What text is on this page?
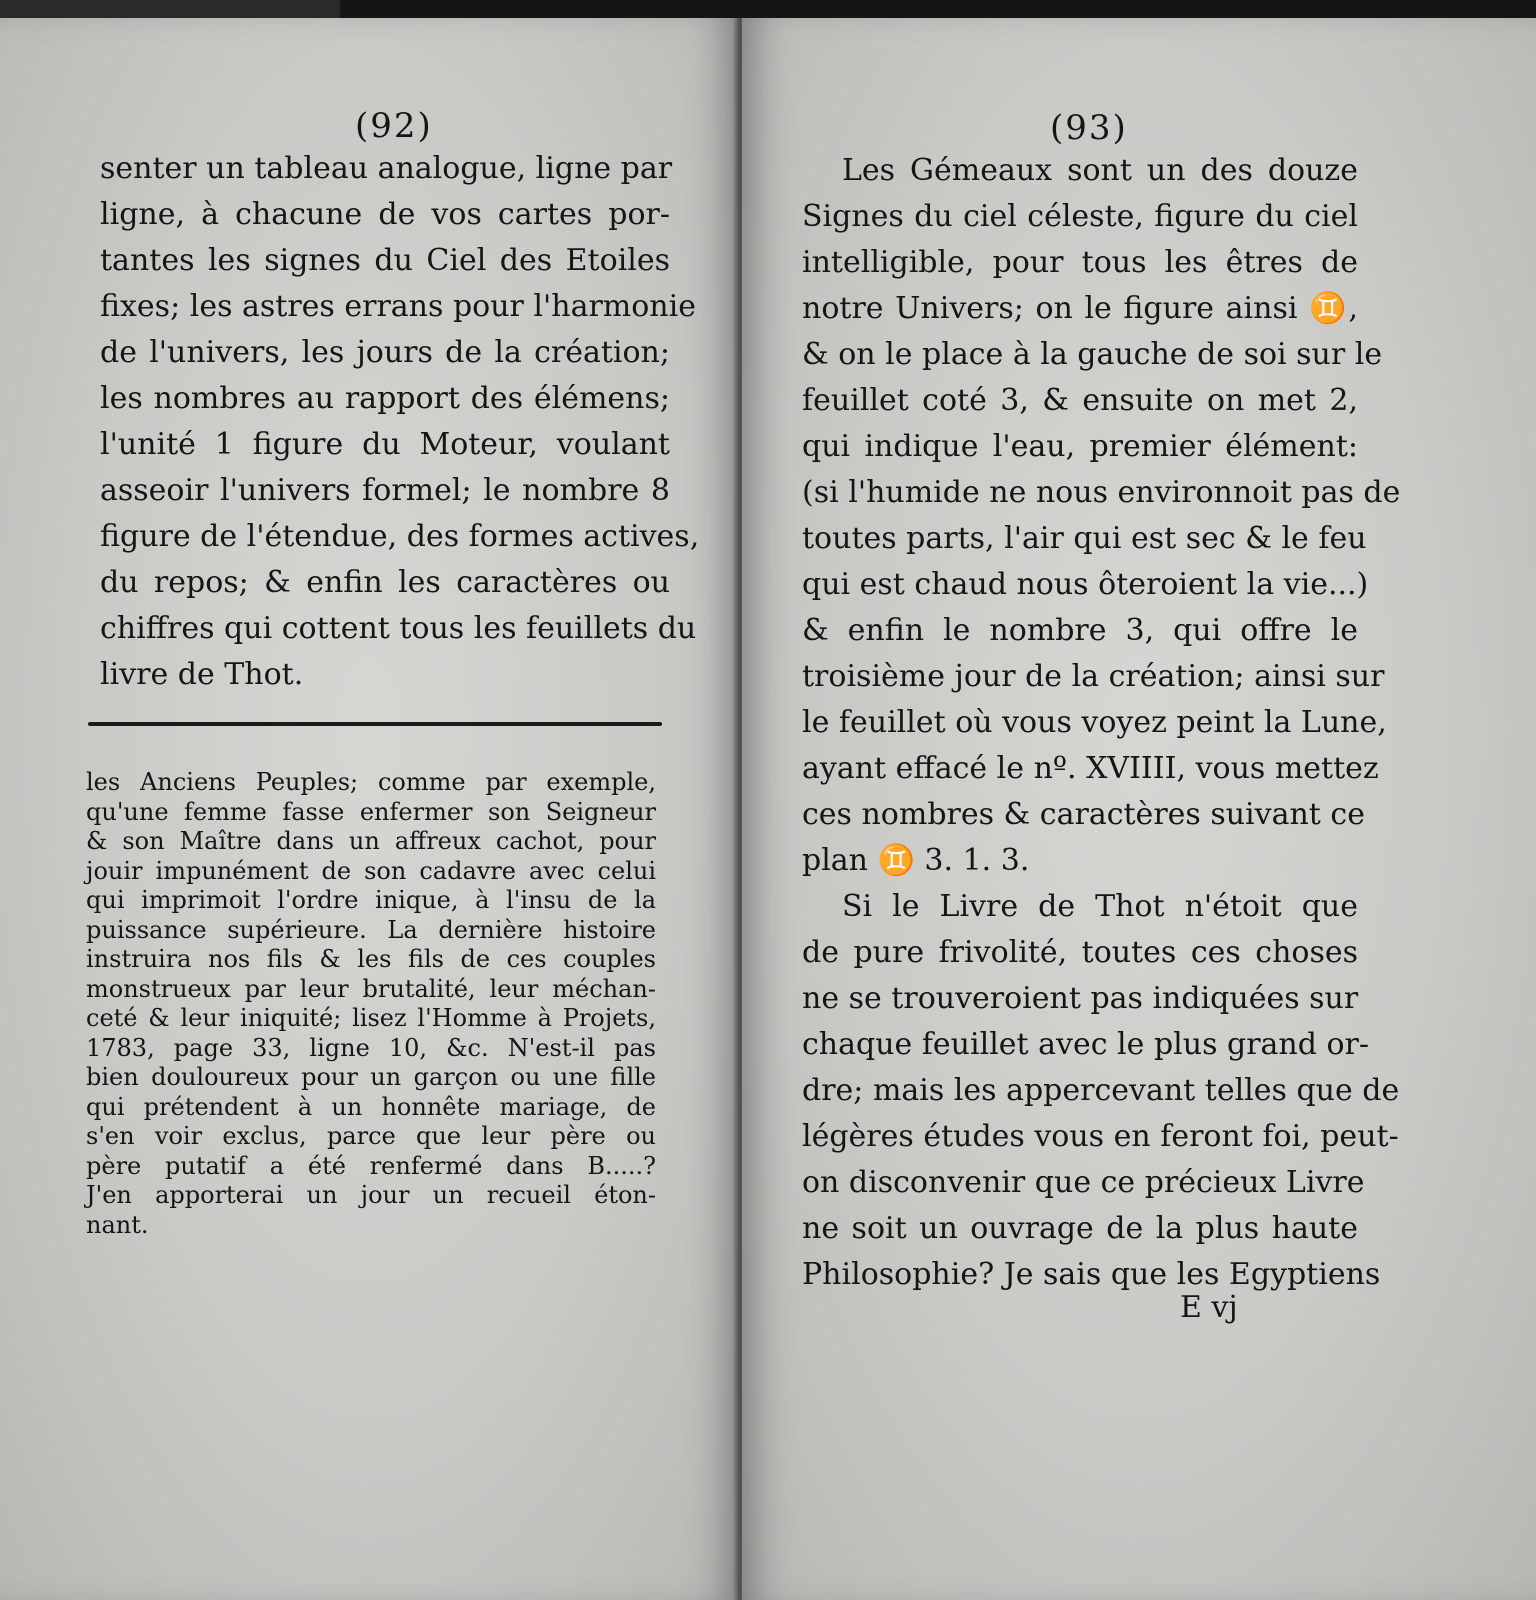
(92)
senter un tableau analogue, ligne par
ligne, à chacune de vos cartes por-
tantes les signes du Ciel des Etoiles
fixes; les astres errans pour l'harmonie
de l'univers, les jours de la création;
les nombres au rapport des élémens;
l'unité 1 figure du Moteur, voulant
asseoir l'univers formel; le nombre 8
figure de l'étendue, des formes actives,
du repos; & enfin les caractères ou
chiffres qui cottent tous les feuillets du
livre de Thot.
les Anciens Peuples; comme par exemple,
qu'une femme fasse enfermer son Seigneur
& son Maître dans un affreux cachot, pour
jouir impunément de son cadavre avec celui
qui imprimoit l'ordre inique, à l'insu de la
puissance supérieure. La dernière histoire
instruira nos fils & les fils de ces couples
monstrueux par leur brutalité, leur méchan-
ceté & leur iniquité; lisez l'Homme à Projets,
1783, page 33, ligne 10, &c. N'est-il pas
bien douloureux pour un garçon ou une fille
qui prétendent à un honnête mariage, de
s'en voir exclus, parce que leur père ou
père putatif a été renfermé dans B.....?
J'en apporterai un jour un recueil éton-
nant.
(93)
Les Gémeaux sont un des douze
Signes du ciel céleste, figure du ciel
intelligible, pour tous les êtres de
notre Univers; on le figure ainsi ♊,
& on le place à la gauche de soi sur le
feuillet coté 3, & ensuite on met 2,
qui indique l'eau, premier élément:
(si l'humide ne nous environnoit pas de
toutes parts, l'air qui est sec & le feu
qui est chaud nous ôteroient la vie...)
& enfin le nombre 3, qui offre le
troisième jour de la création; ainsi sur
le feuillet où vous voyez peint la Lune,
ayant effacé le nº. XVIIII, vous mettez
ces nombres & caractères suivant ce
plan ♊ 3. 1. 3.
Si le Livre de Thot n'étoit que
de pure frivolité, toutes ces choses
ne se trouveroient pas indiquées sur
chaque feuillet avec le plus grand or-
dre; mais les appercevant telles que de
légères études vous en feront foi, peut-
on disconvenir que ce précieux Livre
ne soit un ouvrage de la plus haute
Philosophie? Je sais que les Egyptiens
E vj
